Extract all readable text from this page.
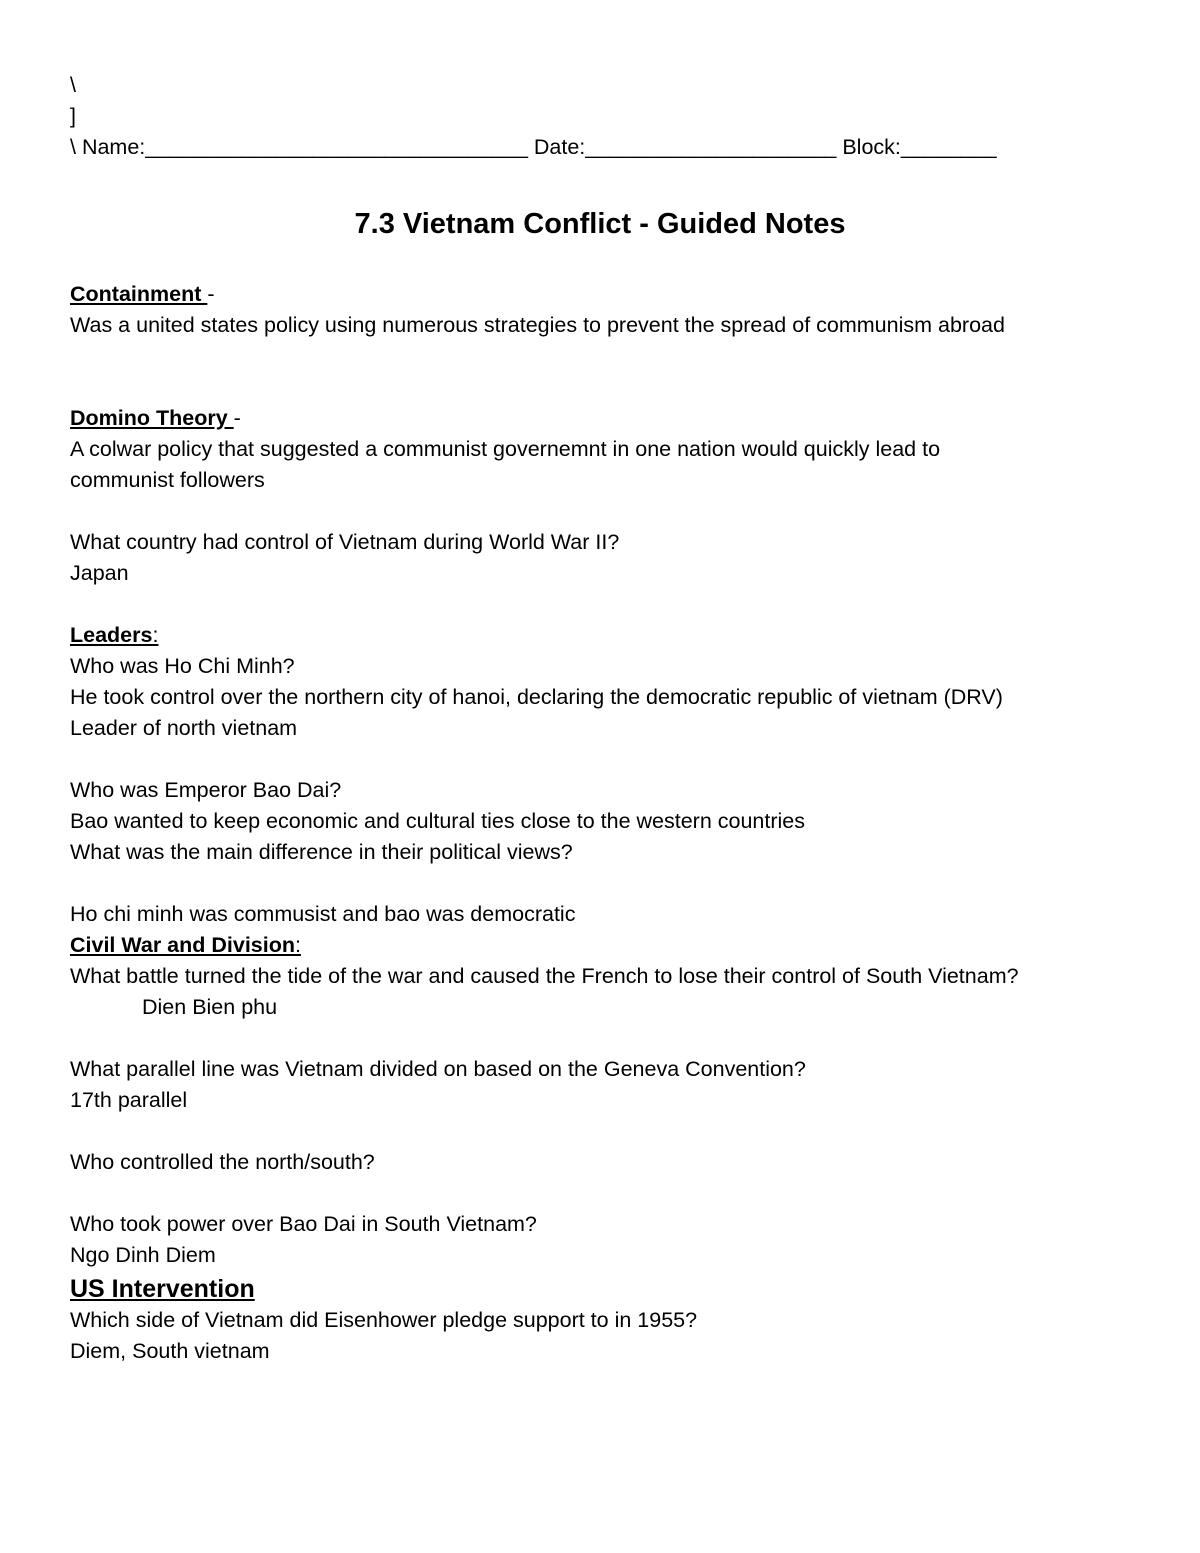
\
]
\ Name:________________________________ Date:_____________________ Block:________
7.3 Vietnam Conflict - Guided Notes
Containment -
Was a united states policy using numerous strategies to prevent the spread of communism abroad
Domino Theory -
A colwar policy that suggested a communist governemnt in one nation would quickly lead to
communist followers
What country had control of Vietnam during World War II?
Japan
Leaders:
Who was Ho Chi Minh?
He took control over the northern city of hanoi, declaring the democratic republic of vietnam (DRV)
Leader of north vietnam
Who was Emperor Bao Dai?
Bao wanted to keep economic and cultural ties close to the western countries
What was the main difference in their political views?
Ho chi minh was commusist and bao was democratic
Civil War and Division:
What battle turned the tide of the war and caused the French to lose their control of South Vietnam?
Dien Bien phu
What parallel line was Vietnam divided on based on the Geneva Convention?
17th parallel
Who controlled the north/south?
Who took power over Bao Dai in South Vietnam?
Ngo Dinh Diem
US Intervention
Which side of Vietnam did Eisenhower pledge support to in 1955?
Diem, South vietnam
